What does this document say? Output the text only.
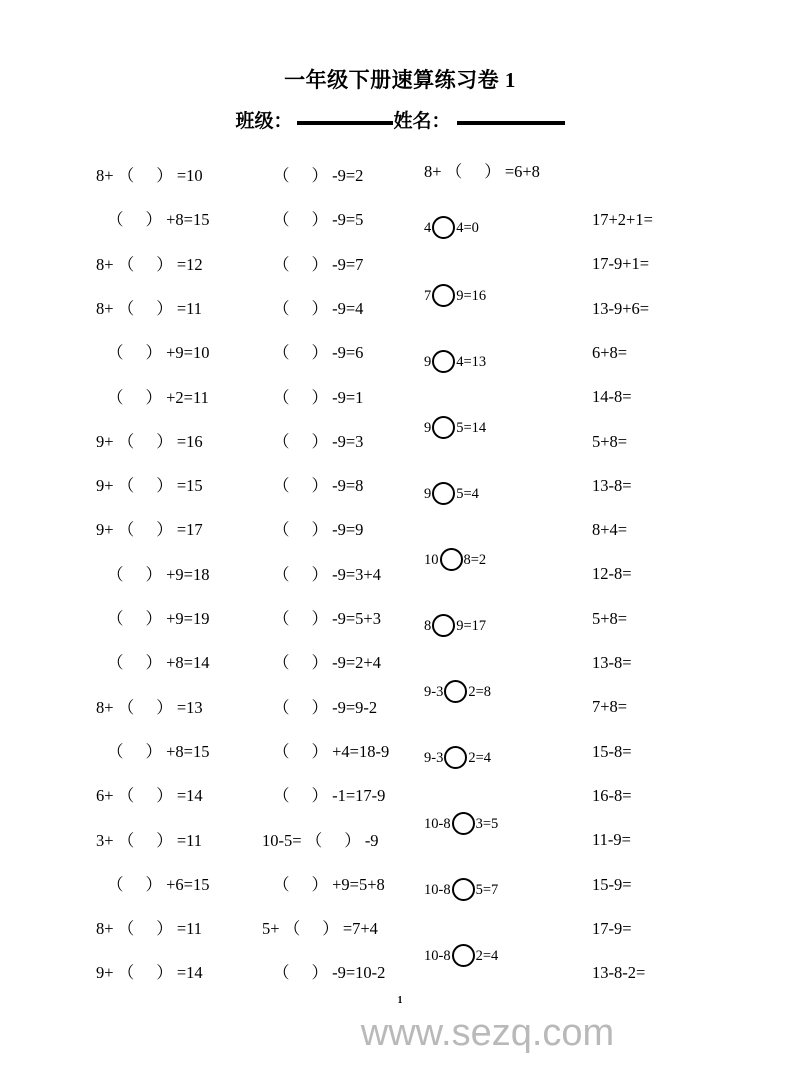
一年级下册速算练习卷 1
班级：	姓名：
8+ （ ） =10
（ ） +8=15
8+ （ ） =12
8+ （ ） =11
（ ） +9=10
（ ） +2=11
9+ （ ） =16
9+ （ ） =15
9+ （ ） =17
（ ） +9=18
（ ） +9=19
（ ） +8=14
8+ （ ） =13
（ ） +8=15
6+ （ ） =14
3+ （ ） =11
（ ） +6=15
8+ （ ） =11
9+ （ ） =14
（ ） -9=2
（ ） -9=5
（ ） -9=7
（ ） -9=4
（ ） -9=6
（ ） -9=1
（ ） -9=3
（ ） -9=8
（ ） -9=9
（ ） -9=3+4
（ ） -9=5+3
（ ） -9=2+4
（ ） -9=9-2
（ ） +4=18-9
（ ） -1=17-9
10-5= （ ） -9
（ ） +9=5+8
5+ （ ） =7+4
（ ） -9=10-2
8+ （ ） =6+8
4 4=0
7 9=16
9 4=13
9 5=14
9 5=4
10 8=2
8 9=17
9-3 2=8
9-3 2=4
10-8 3=5
10-8 5=7
10-8 2=4
17+2+1=
17-9+1=
13-9+6=
6+8=
14-8=
5+8=
13-8=
8+4=
12-8=
5+8=
13-8=
7+8=
15-8=
16-8=
11-9=
15-9=
17-9=
13-8-2=
1
www.sezq.com
